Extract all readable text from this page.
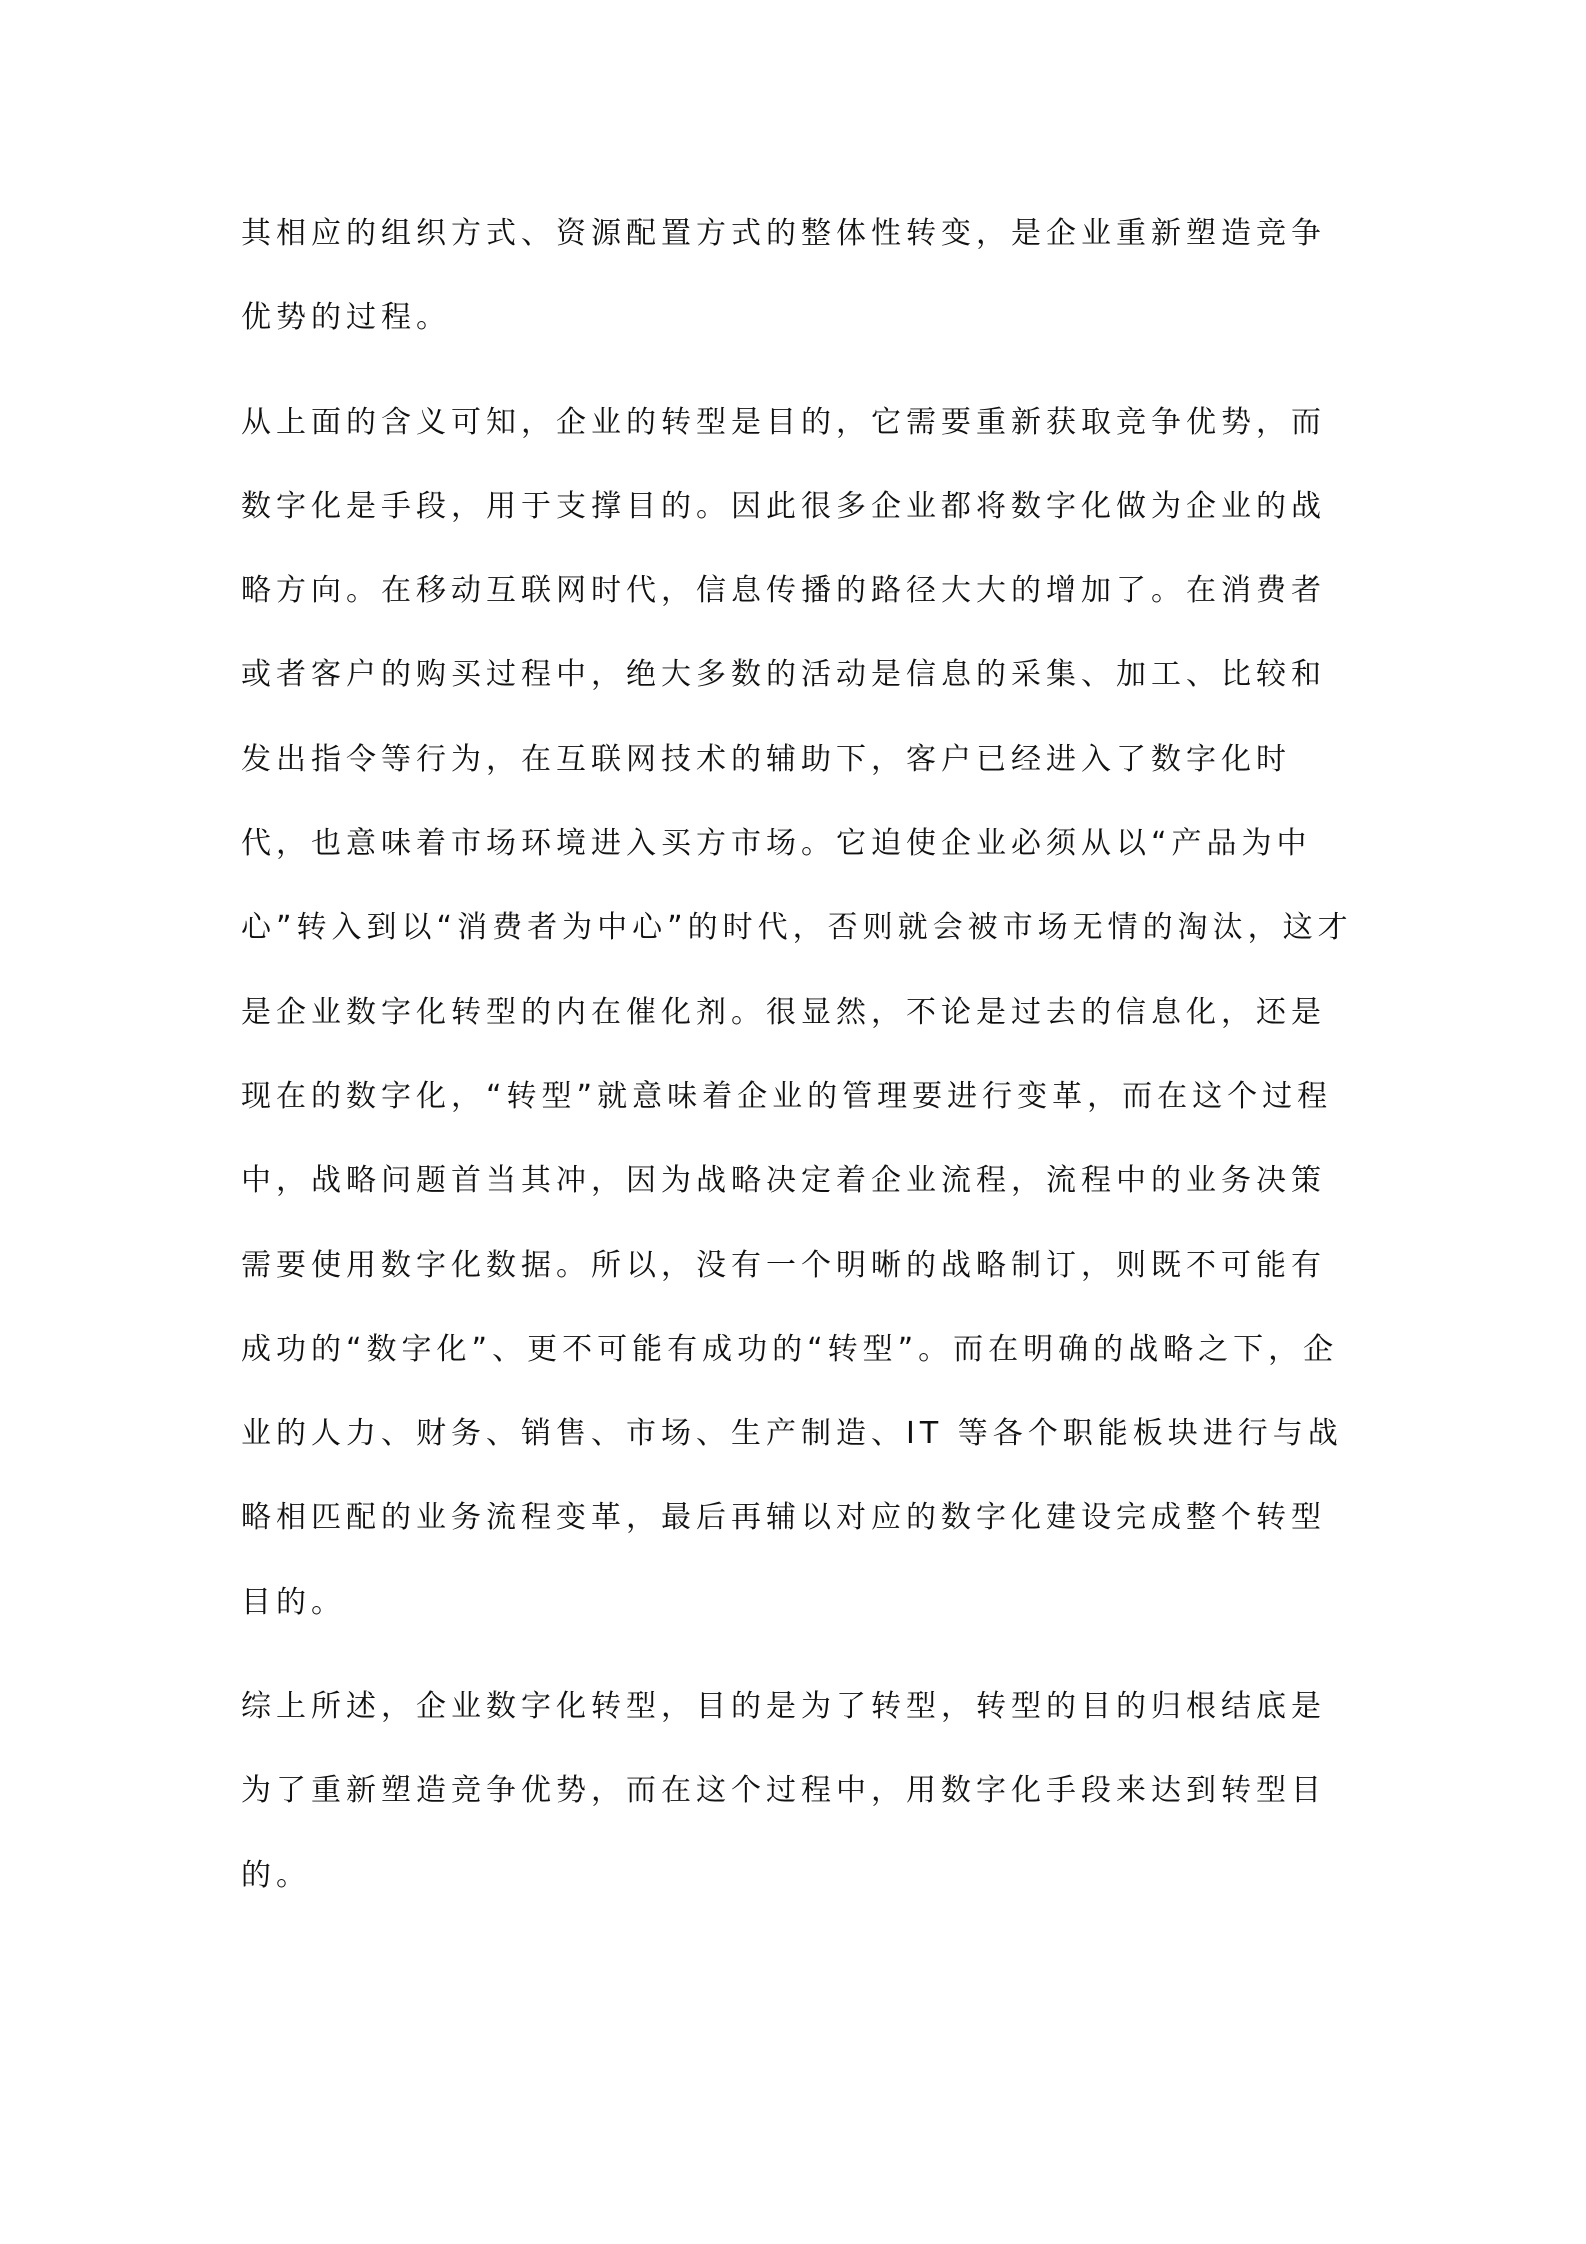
其相应的组织方式、资源配置方式的整体性转变，是企业重新塑造竞争
优势的过程。

从上面的含义可知，企业的转型是目的，它需要重新获取竞争优势，而
数字化是手段，用于支撑目的。因此很多企业都将数字化做为企业的战
略方向。在移动互联网时代，信息传播的路径大大的增加了。在消费者
或者客户的购买过程中，绝大多数的活动是信息的采集、加工、比较和
发出指令等行为，在互联网技术的辅助下，客户已经进入了数字化时
代，也意味着市场环境进入买方市场。它迫使企业必须从以“产品为中
心”转入到以“消费者为中心”的时代，否则就会被市场无情的淘汰，这才
是企业数字化转型的内在催化剂。很显然，不论是过去的信息化，还是
现在的数字化，“转型”就意味着企业的管理要进行变革，而在这个过程
中，战略问题首当其冲，因为战略决定着企业流程，流程中的业务决策
需要使用数字化数据。所以，没有一个明晰的战略制订，则既不可能有
成功的“数字化”、更不可能有成功的“转型”。而在明确的战略之下，企
业的人力、财务、销售、市场、生产制造、IT 等各个职能板块进行与战
略相匹配的业务流程变革，最后再辅以对应的数字化建设完成整个转型
目的。

综上所述，企业数字化转型，目的是为了转型，转型的目的归根结底是
为了重新塑造竞争优势，而在这个过程中，用数字化手段来达到转型目
的。
